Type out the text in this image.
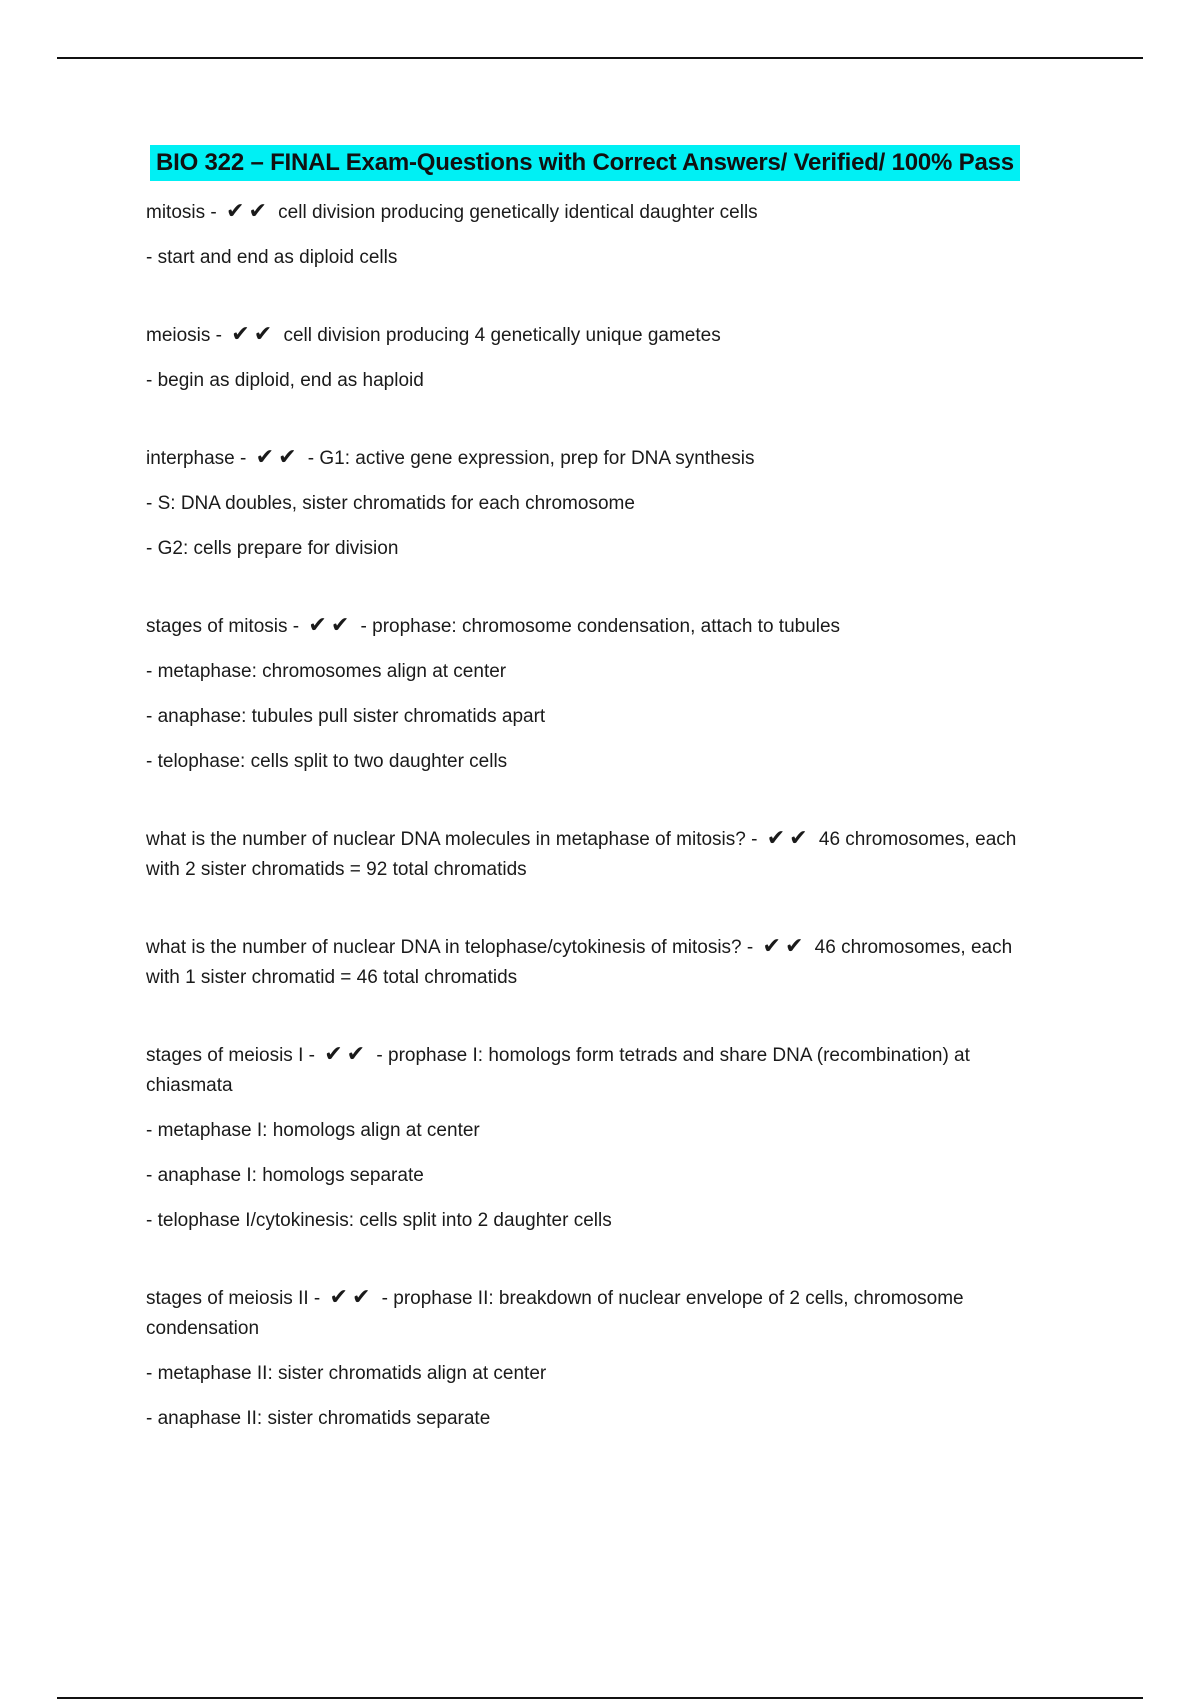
BIO 322 – FINAL Exam-Questions with Correct Answers/ Verified/ 100% Pass
mitosis - ✔ ✔ cell division producing genetically identical daughter cells
- start and end as diploid cells
meiosis - ✔ ✔ cell division producing 4 genetically unique gametes
- begin as diploid, end as haploid
interphase - ✔ ✔ - G1: active gene expression, prep for DNA synthesis
- S: DNA doubles, sister chromatids for each chromosome
- G2: cells prepare for division
stages of mitosis - ✔ ✔ - prophase: chromosome condensation, attach to tubules
- metaphase: chromosomes align at center
- anaphase: tubules pull sister chromatids apart
- telophase: cells split to two daughter cells
what is the number of nuclear DNA molecules in metaphase of mitosis? - ✔ ✔ 46 chromosomes, each with 2 sister chromatids = 92 total chromatids
what is the number of nuclear DNA in telophase/cytokinesis of mitosis? - ✔ ✔ 46 chromosomes, each with 1 sister chromatid = 46 total chromatids
stages of meiosis I - ✔ ✔ - prophase I: homologs form tetrads and share DNA (recombination) at chiasmata
- metaphase I: homologs align at center
- anaphase I: homologs separate
- telophase I/cytokinesis: cells split into 2 daughter cells
stages of meiosis II - ✔ ✔ - prophase II: breakdown of nuclear envelope of 2 cells, chromosome condensation
- metaphase II: sister chromatids align at center
- anaphase II: sister chromatids separate
